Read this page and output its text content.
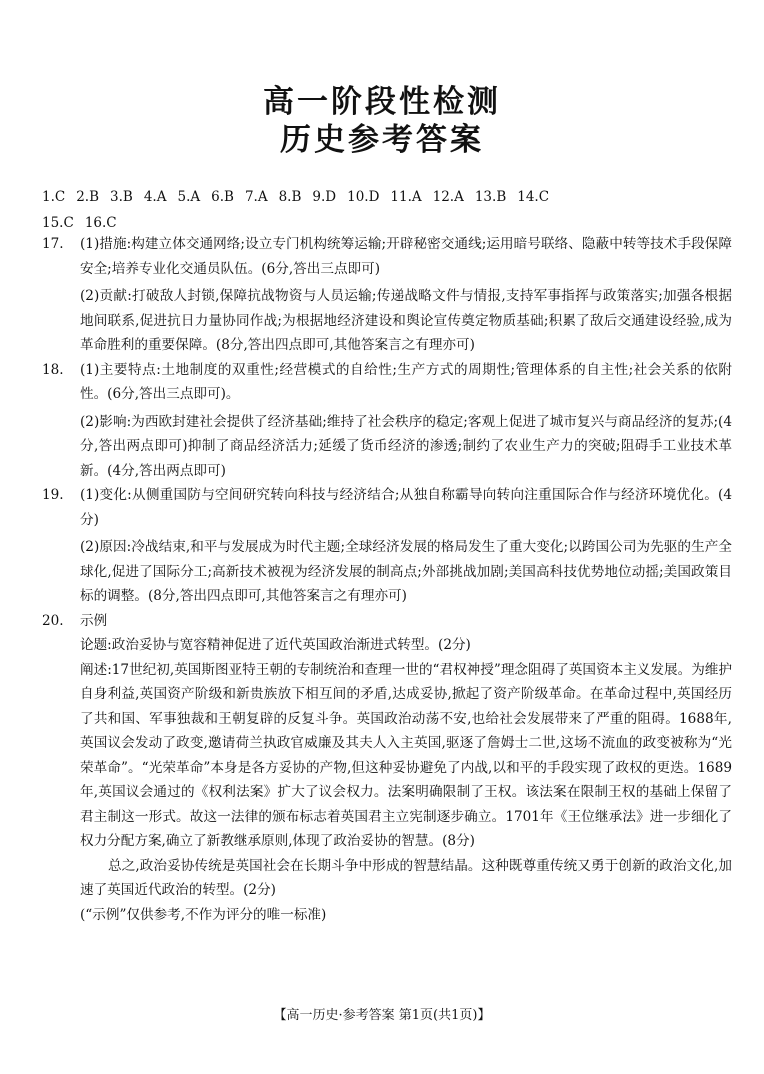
高一阶段性检测
历史参考答案
1.C 2.B 3.B 4.A 5.A 6.B 7.A 8.B 9.D 10.D 11.A 12.A 13.B 14.C
15.C 16.C
17. (1)措施:构建立体交通网络;设立专门机构统筹运输;开辟秘密交通线;运用暗号联络、隐蔽中转等技术手段保障安全;培养专业化交通员队伍。(6分,答出三点即可)

(2)贡献:打破敌人封锁,保障抗战物资与人员运输;传递战略文件与情报,支持军事指挥与政策落实;加强各根据地间联系,促进抗日力量协同作战;为根据地经济建设和舆论宣传奠定物质基础;积累了敌后交通建设经验,成为革命胜利的重要保障。(8分,答出四点即可,其他答案言之有理亦可)

18. (1)主要特点:土地制度的双重性;经营模式的自给性;生产方式的周期性;管理体系的自主性;社会关系的依附性。(6分,答出三点即可)。

(2)影响:为西欧封建社会提供了经济基础;维持了社会秩序的稳定;客观上促进了城市复兴与商品经济的复苏;(4分,答出两点即可)抑制了商品经济活力;延缓了货币经济的渗透;制约了农业生产力的突破;阻碍手工业技术革新。(4分,答出两点即可)

19. (1)变化:从侧重国防与空间研究转向科技与经济结合;从独自称霸导向转向注重国际合作与经济环境优化。(4分)

(2)原因:冷战结束,和平与发展成为时代主题;全球经济发展的格局发生了重大变化;以跨国公司为先驱的生产全球化,促进了国际分工;高新技术被视为经济发展的制高点;外部挑战加剧;美国高科技优势地位动摇;美国政策目标的调整。(8分,答出四点即可,其他答案言之有理亦可)

20. 示例

论题:政治妥协与宽容精神促进了近代英国政治渐进式转型。(2分)

阐述:17世纪初,英国斯图亚特王朝的专制统治和查理一世的“君权神授”理念阻碍了英国资本主义发展。为维护自身利益,英国资产阶级和新贵族放下相互间的矛盾,达成妥协,掀起了资产阶级革命。在革命过程中,英国经历了共和国、军事独裁和王朝复辟的反复斗争。英国政治动荡不安,也给社会发展带来了严重的阻碍。1688年,英国议会发动了政变,邀请荷兰执政官威廉及其夫人入主英国,驱逐了詹姆士二世,这场不流血的政变被称为“光荣革命”。“光荣革命”本身是各方妥协的产物,但这种妥协避免了内战,以和平的手段实现了政权的更迭。1689年,英国议会通过的《权利法案》扩大了议会权力。法案明确限制了王权。该法案在限制王权的基础上保留了君主制这一形式。故这一法律的颁布标志着英国君主立宪制逐步确立。1701年《王位继承法》进一步细化了权力分配方案,确立了新教继承原则,体现了政治妥协的智慧。(8分)

总之,政治妥协传统是英国社会在长期斗争中形成的智慧结晶。这种既尊重传统又勇于创新的政治文化,加速了英国近代政治的转型。(2分)

(“示例”仅供参考,不作为评分的唯一标准)

【高一历史·参考答案 第1页(共1页)】
